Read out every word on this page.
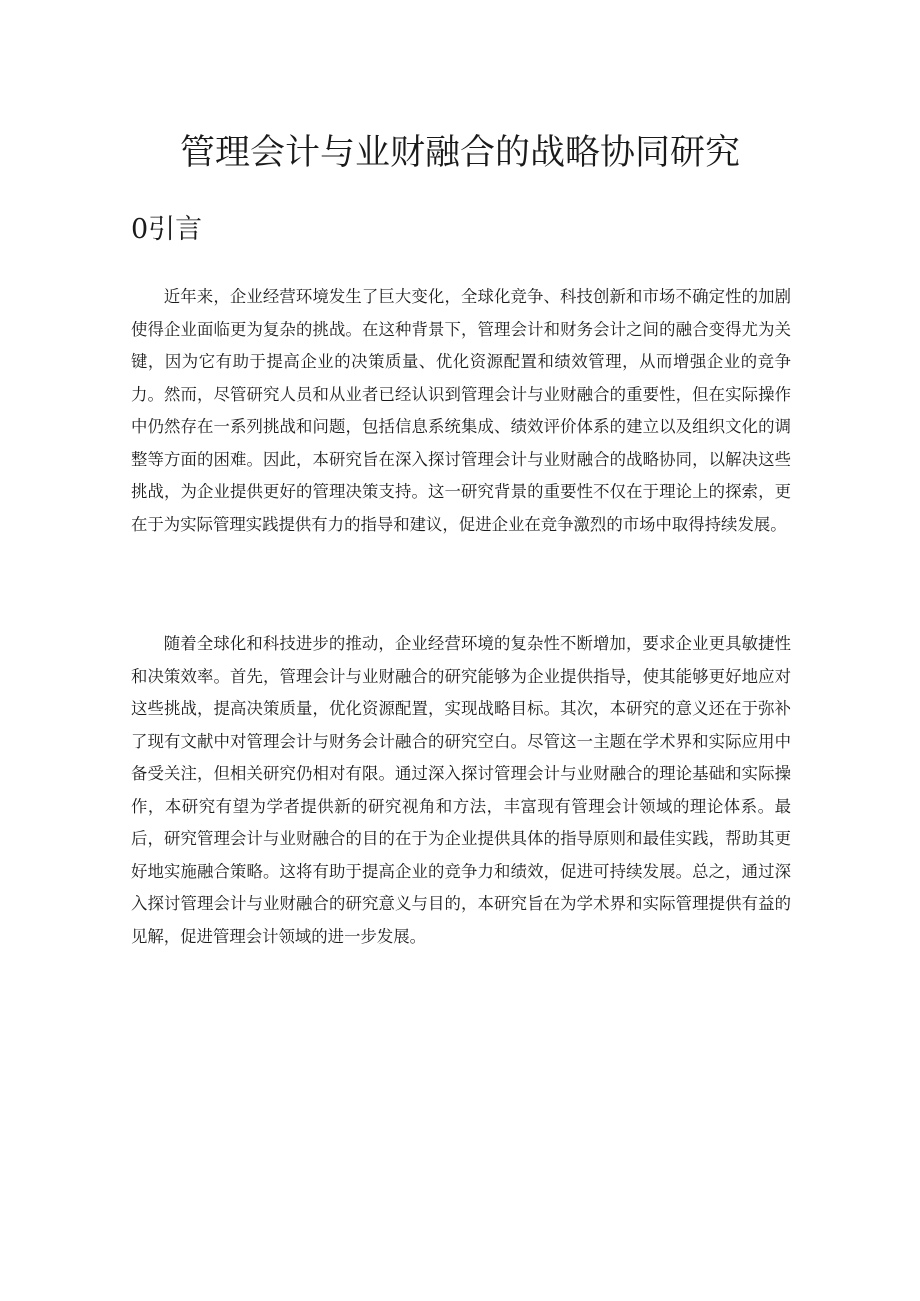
管理会计与业财融合的战略协同研究
0引言

近年来，企业经营环境发生了巨大变化，全球化竞争、科技创新和市场不确定性的加剧使得企业面临更为复杂的挑战。在这种背景下，管理会计和财务会计之间的融合变得尤为关键，因为它有助于提高企业的决策质量、优化资源配置和绩效管理，从而增强企业的竞争力。然而，尽管研究人员和从业者已经认识到管理会计与业财融合的重要性，但在实际操作中仍然存在一系列挑战和问题，包括信息系统集成、绩效评价体系的建立以及组织文化的调整等方面的困难。因此，本研究旨在深入探讨管理会计与业财融合的战略协同，以解决这些挑战，为企业提供更好的管理决策支持。这一研究背景的重要性不仅在于理论上的探索，更在于为实际管理实践提供有力的指导和建议，促进企业在竞争激烈的市场中取得持续发展。

随着全球化和科技进步的推动，企业经营环境的复杂性不断增加，要求企业更具敏捷性和决策效率。首先，管理会计与业财融合的研究能够为企业提供指导，使其能够更好地应对这些挑战，提高决策质量，优化资源配置，实现战略目标。其次，本研究的意义还在于弥补了现有文献中对管理会计与财务会计融合的研究空白。尽管这一主题在学术界和实际应用中备受关注，但相关研究仍相对有限。通过深入探讨管理会计与业财融合的理论基础和实际操作，本研究有望为学者提供新的研究视角和方法，丰富现有管理会计领域的理论体系。最后，研究管理会计与业财融合的目的在于为企业提供具体的指导原则和最佳实践，帮助其更好地实施融合策略。这将有助于提高企业的竞争力和绩效，促进可持续发展。总之，通过深入探讨管理会计与业财融合的研究意义与目的，本研究旨在为学术界和实际管理提供有益的见解，促进管理会计领域的进一步发展。
